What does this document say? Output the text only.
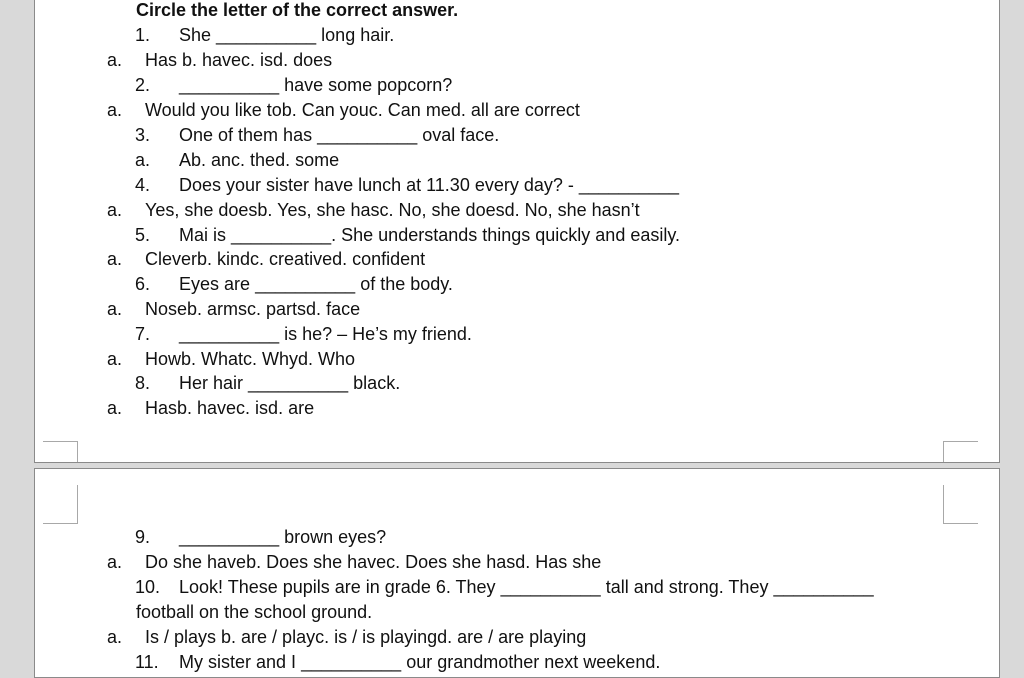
Circle the letter of the correct answer.
1. She __________ long hair.
a. Has b. havec. isd. does
2. __________ have some popcorn?
a. Would you like tob. Can youc. Can med. all are correct
3. One of them has __________ oval face.
a. Ab. anc. thed. some
4. Does your sister have lunch at 11.30 every day? - __________
a. Yes, she doesb. Yes, she hasc. No, she doesd. No, she hasn’t
5. Mai is __________. She understands things quickly and easily.
a. Cleverb. kindc. creatived. confident
6. Eyes are __________ of the body.
a. Noseb. armsc. partsd. face
7. __________ is he? – He’s my friend.
a. Howb. Whatc. Whyd. Who
8. Her hair __________ black.
a. Hasb. havec. isd. are
9. __________ brown eyes?
a. Do she haveb. Does she havec. Does she hasd. Has she
10. Look! These pupils are in grade 6. They __________ tall and strong. They __________
football on the school ground.
a. Is / plays b. are / playc. is / is playingd. are / are playing
11. My sister and I __________ our grandmother next weekend.
